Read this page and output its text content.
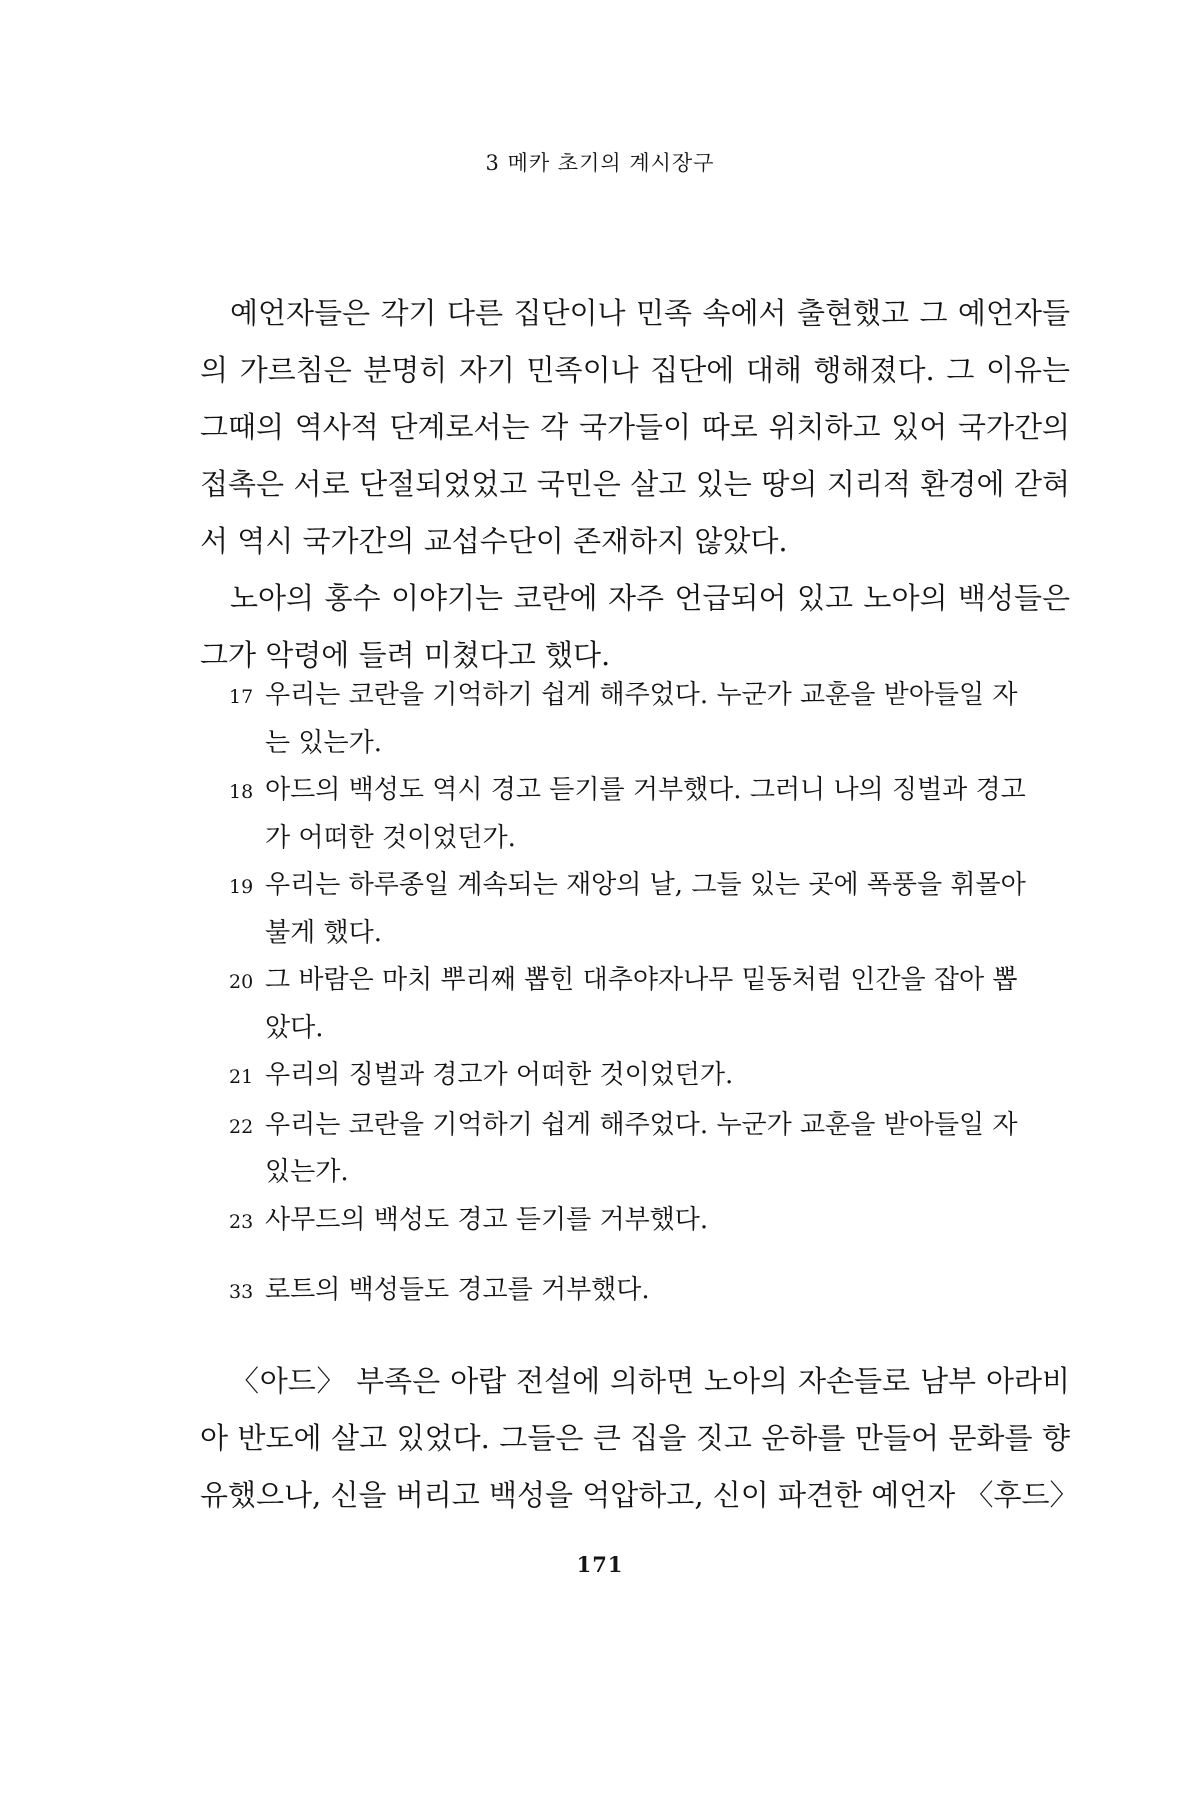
3 메카 초기의 계시장구

예언자들은 각기 다른 집단이나 민족 속에서 출현했고 그 예언자들의 가르침은 분명히 자기 민족이나 집단에 대해 행해졌다. 그 이유는 그때의 역사적 단계로서는 각 국가들이 따로 위치하고 있어 국가간의 접촉은 서로 단절되었었고 국민은 살고 있는 땅의 지리적 환경에 갇혀서 역시 국가간의 교섭수단이 존재하지 않았다.

노아의 홍수 이야기는 코란에 자주 언급되어 있고 노아의 백성들은 그가 악령에 들려 미쳤다고 했다.

17 우리는 코란을 기억하기 쉽게 해주었다. 누군가 교훈을 받아들일 자는 있는가.
18 아드의 백성도 역시 경고 듣기를 거부했다. 그러니 나의 징벌과 경고가 어떠한 것이었던가.
19 우리는 하루종일 계속되는 재앙의 날, 그들 있는 곳에 폭풍을 휘몰아 불게 했다.
20 그 바람은 마치 뿌리째 뽑힌 대추야자나무 밑동처럼 인간을 잡아 뽑았다.
21 우리의 징벌과 경고가 어떠한 것이었던가.
22 우리는 코란을 기억하기 쉽게 해주었다. 누군가 교훈을 받아들일 자 있는가.
23 사무드의 백성도 경고 듣기를 거부했다.
33 로트의 백성들도 경고를 거부했다.

〈아드〉 부족은 아랍 전설에 의하면 노아의 자손들로 남부 아라비아 반도에 살고 있었다. 그들은 큰 집을 짓고 운하를 만들어 문화를 향유했으나, 신을 버리고 백성을 억압하고, 신이 파견한 예언자 〈후드〉

171
